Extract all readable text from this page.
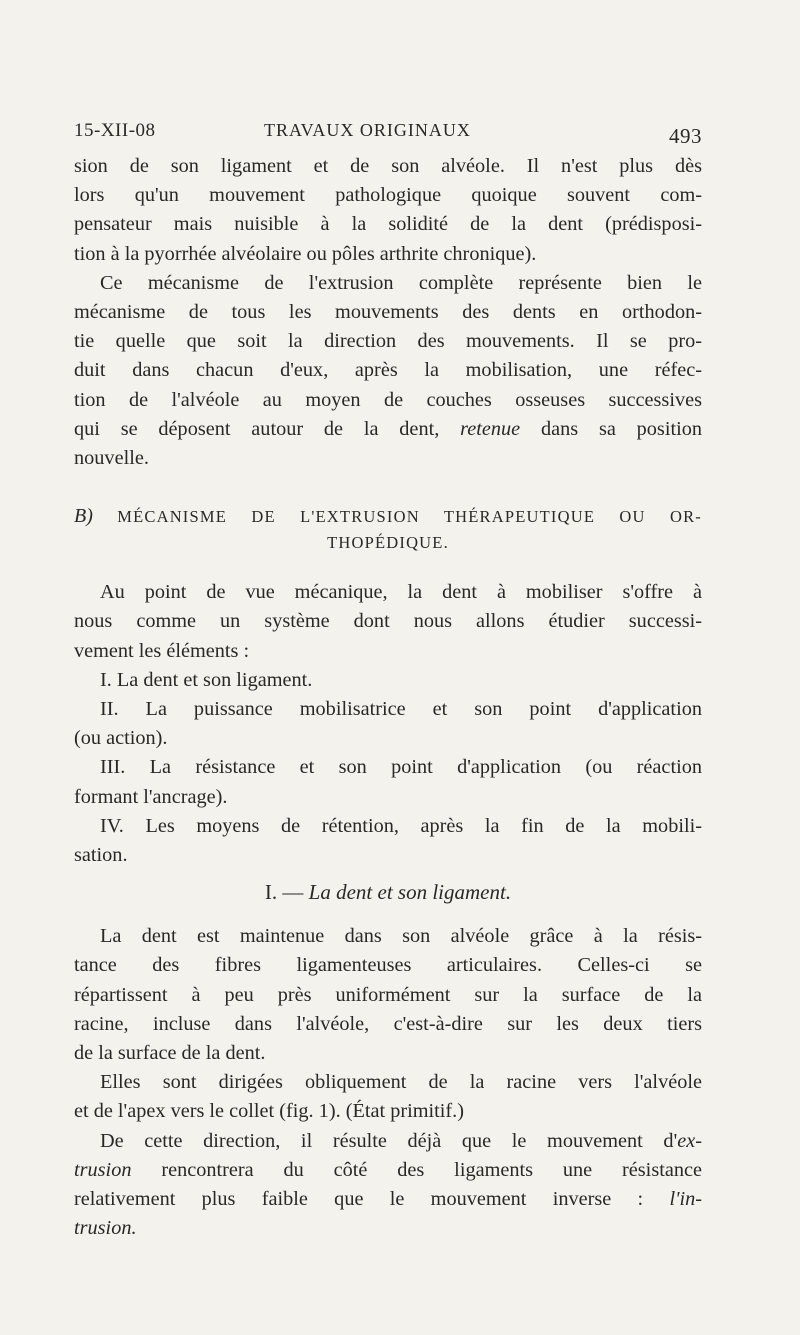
15-XII-08	TRAVAUX ORIGINAUX	493

sion de son ligament et de son alvéole. Il n'est plus dès
lors qu'un mouvement pathologique quoique souvent com-
pensateur mais nuisible à la solidité de la dent (prédisposi-
tion à la pyorrhée alvéolaire ou pôles arthrite chronique).

Ce mécanisme de l'extrusion complète représente bien le
mécanisme de tous les mouvements des dents en orthodon-
tie quelle que soit la direction des mouvements. Il se pro-
duit dans chacun d'eux, après la mobilisation, une réfec-
tion de l'alvéole au moyen de couches osseuses successives
qui se déposent autour de la dent, retenue dans sa position
nouvelle.

B) MÉCANISME DE L'EXTRUSION THÉRAPEUTIQUE OU OR-
THOPÉDIQUE.

Au point de vue mécanique, la dent à mobiliser s'offre à
nous comme un système dont nous allons étudier successi-
vement les éléments :

I. La dent et son ligament.

II. La puissance mobilisatrice et son point d'application
(ou action).

III. La résistance et son point d'application (ou réaction
formant l'ancrage).

IV. Les moyens de rétention, après la fin de la mobili-
sation.

I. — La dent et son ligament.

La dent est maintenue dans son alvéole grâce à la résis-
tance des fibres ligamenteuses articulaires. Celles-ci se
répartissent à peu près uniformément sur la surface de la
racine, incluse dans l'alvéole, c'est-à-dire sur les deux tiers
de la surface de la dent.

Elles sont dirigées obliquement de la racine vers l'alvéole
et de l'apex vers le collet (fig. 1). (État primitif.)

De cette direction, il résulte déjà que le mouvement d'ex-
trusion rencontrera du côté des ligaments une résistance
relativement plus faible que le mouvement inverse : l'in-
trusion.
